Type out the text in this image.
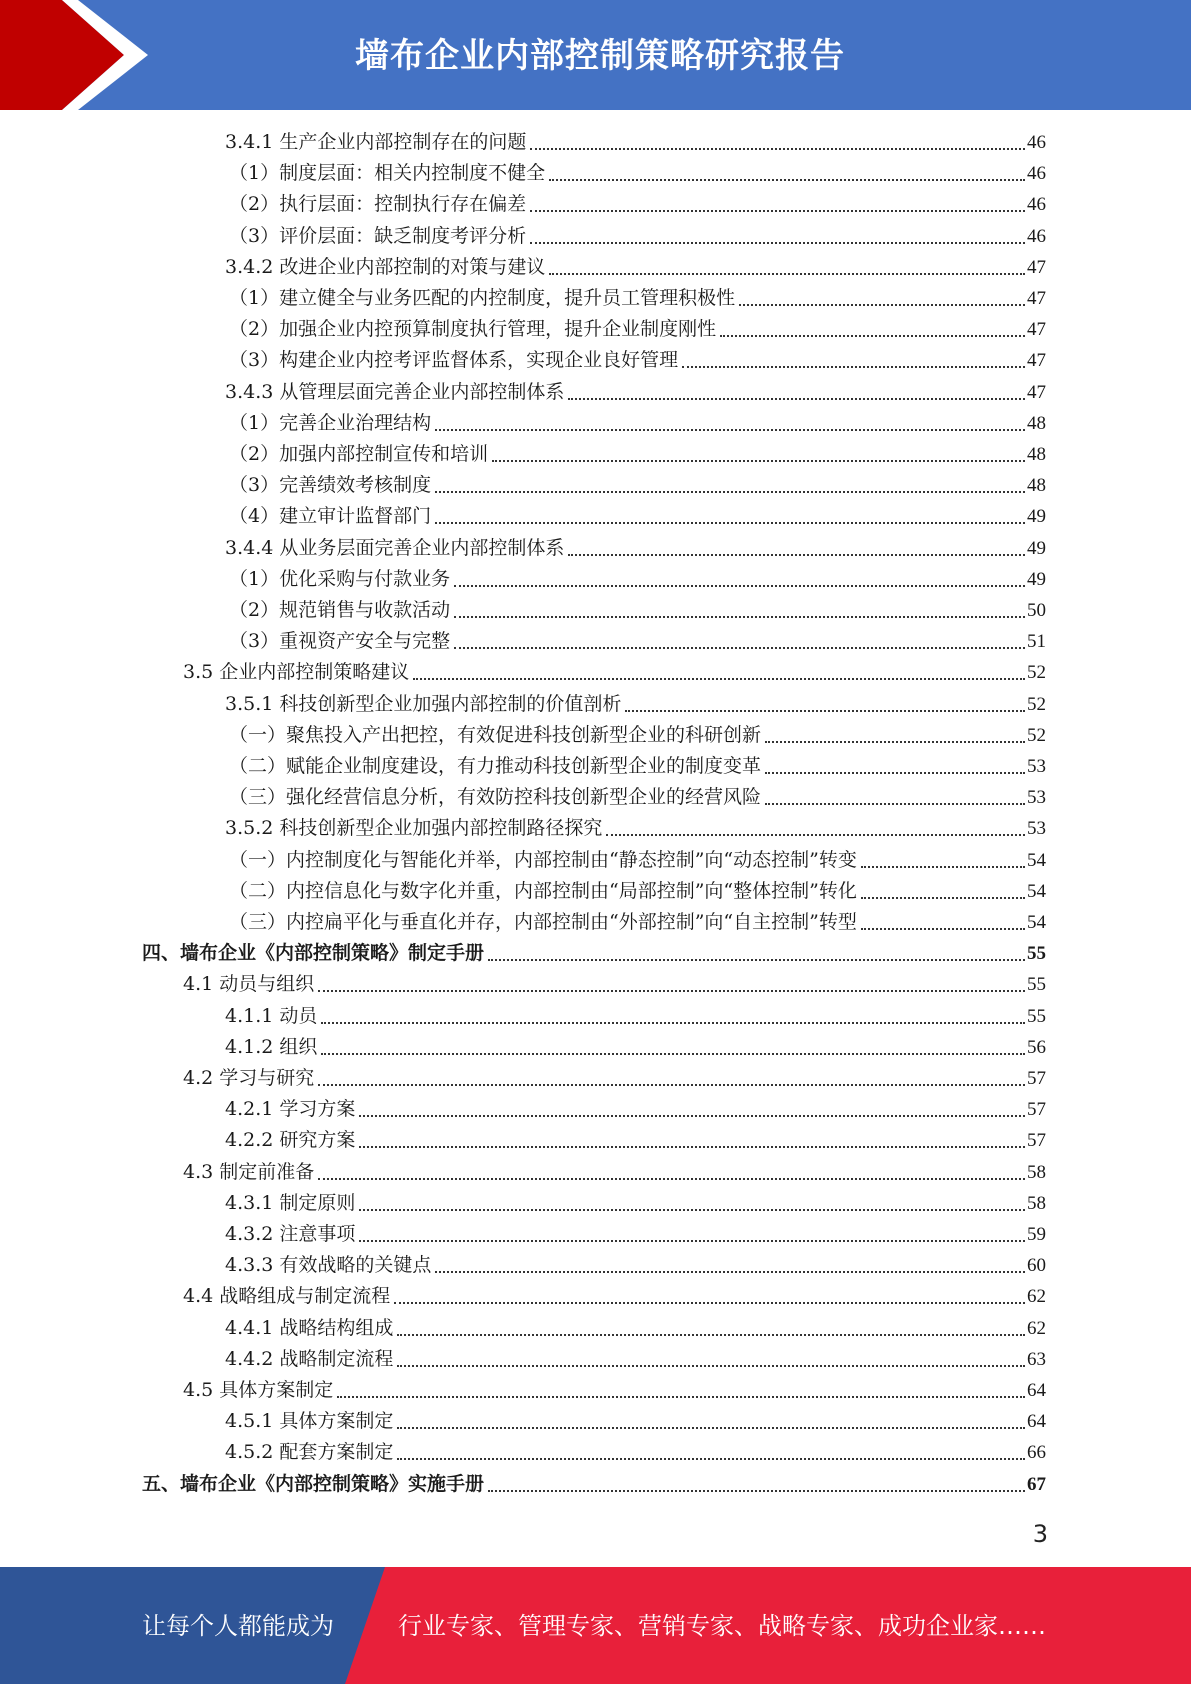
墙布企业内部控制策略研究报告
3.4.1 生产企业内部控制存在的问题	46
（1）制度层面：相关内控制度不健全	46
（2）执行层面：控制执行存在偏差	46
（3）评价层面：缺乏制度考评分析	46
3.4.2 改进企业内部控制的对策与建议	47
（1）建立健全与业务匹配的内控制度，提升员工管理积极性	47
（2）加强企业内控预算制度执行管理，提升企业制度刚性	47
（3）构建企业内控考评监督体系，实现企业良好管理	47
3.4.3 从管理层面完善企业内部控制体系	47
（1）完善企业治理结构	48
（2）加强内部控制宣传和培训	48
（3）完善绩效考核制度	48
（4）建立审计监督部门	49
3.4.4 从业务层面完善企业内部控制体系	49
（1）优化采购与付款业务	49
（2）规范销售与收款活动	50
（3）重视资产安全与完整	51
3.5 企业内部控制策略建议	52
3.5.1 科技创新型企业加强内部控制的价值剖析	52
（一）聚焦投入产出把控，有效促进科技创新型企业的科研创新	52
（二）赋能企业制度建设，有力推动科技创新型企业的制度变革	53
（三）强化经营信息分析，有效防控科技创新型企业的经营风险	53
3.5.2 科技创新型企业加强内部控制路径探究	53
（一）内控制度化与智能化并举，内部控制由“静态控制”向“动态控制”转变	54
（二）内控信息化与数字化并重，内部控制由“局部控制”向“整体控制”转化	54
（三）内控扁平化与垂直化并存，内部控制由“外部控制”向“自主控制”转型	54
四、墙布企业《内部控制策略》制定手册	55
4.1 动员与组织	55
4.1.1 动员	55
4.1.2 组织	56
4.2 学习与研究	57
4.2.1 学习方案	57
4.2.2 研究方案	57
4.3 制定前准备	58
4.3.1 制定原则	58
4.3.2 注意事项	59
4.3.3 有效战略的关键点	60
4.4 战略组成与制定流程	62
4.4.1 战略结构组成	62
4.4.2 战略制定流程	63
4.5 具体方案制定	64
4.5.1 具体方案制定	64
4.5.2 配套方案制定	66
五、墙布企业《内部控制策略》实施手册	67
3
让每个人都能成为	行业专家、管理专家、营销专家、战略专家、成功企业家……
